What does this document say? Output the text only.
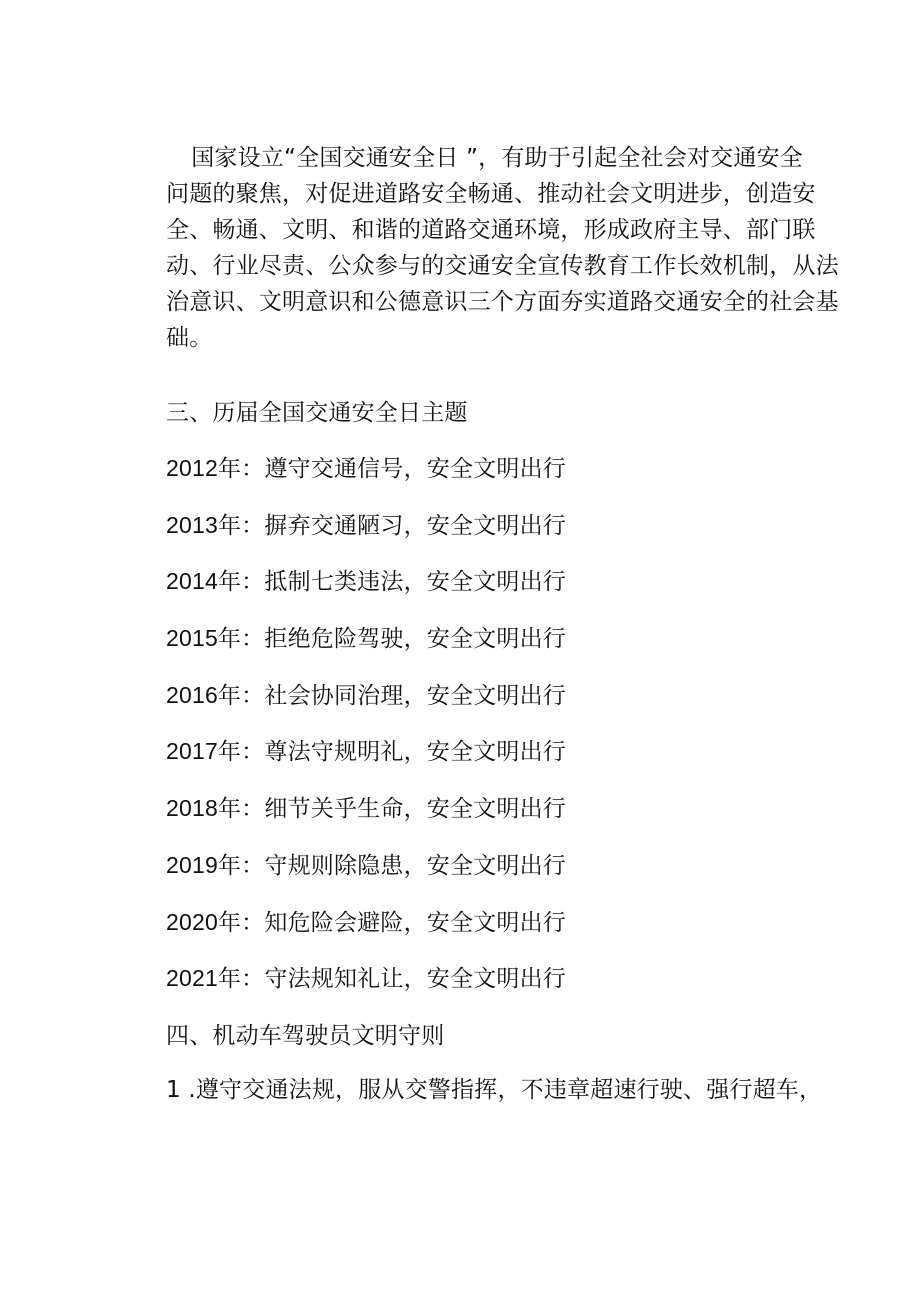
　国家设立“全国交通安全日 ”，有助于引起全社会对交通安全
问题的聚焦，对促进道路安全畅通、推动社会文明进步，创造安
全、畅通、文明、和谐的道路交通环境，形成政府主导、部门联
动、行业尽责、公众参与的交通安全宣传教育工作长效机制，从法
治意识、文明意识和公德意识三个方面夯实道路交通安全的社会基
础。

三、历届全国交通安全日主题
2012年：遵守交通信号，安全文明出行
2013年：摒弃交通陋习，安全文明出行
2014年：抵制七类违法，安全文明出行
2015年：拒绝危险驾驶，安全文明出行
2016年：社会协同治理，安全文明出行
2017年：尊法守规明礼，安全文明出行
2018年：细节关乎生命，安全文明出行
2019年：守规则除隐患，安全文明出行
2020年：知危险会避险，安全文明出行
2021年：守法规知礼让，安全文明出行
四、机动车驾驶员文明守则

1 .遵守交通法规，服从交警指挥，不违章超速行驶、强行超车，
